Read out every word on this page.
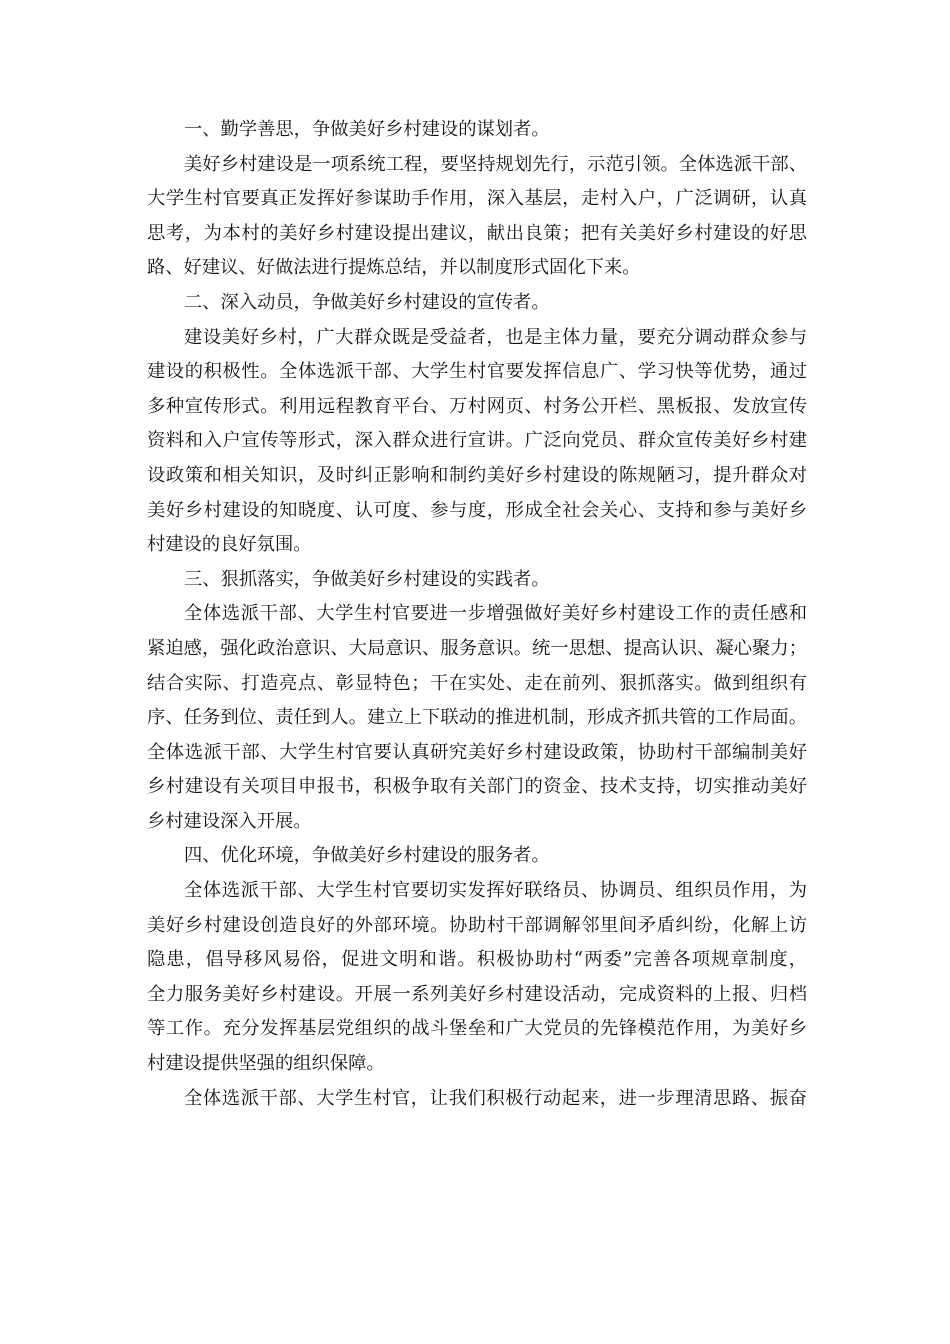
一、勤学善思，争做美好乡村建设的谋划者。
美好乡村建设是一项系统工程，要坚持规划先行，示范引领。全体选派干部、
大学生村官要真正发挥好参谋助手作用，深入基层，走村入户，广泛调研，认真
思考，为本村的美好乡村建设提出建议，献出良策；把有关美好乡村建设的好思
路、好建议、好做法进行提炼总结，并以制度形式固化下来。
二、深入动员，争做美好乡村建设的宣传者。
建设美好乡村，广大群众既是受益者，也是主体力量，要充分调动群众参与
建设的积极性。全体选派干部、大学生村官要发挥信息广、学习快等优势，通过
多种宣传形式。利用远程教育平台、万村网页、村务公开栏、黑板报、发放宣传
资料和入户宣传等形式，深入群众进行宣讲。广泛向党员、群众宣传美好乡村建
设政策和相关知识，及时纠正影响和制约美好乡村建设的陈规陋习，提升群众对
美好乡村建设的知晓度、认可度、参与度，形成全社会关心、支持和参与美好乡
村建设的良好氛围。
三、狠抓落实，争做美好乡村建设的实践者。
全体选派干部、大学生村官要进一步增强做好美好乡村建设工作的责任感和
紧迫感，强化政治意识、大局意识、服务意识。统一思想、提高认识、凝心聚力；
结合实际、打造亮点、彰显特色；干在实处、走在前列、狠抓落实。做到组织有
序、任务到位、责任到人。建立上下联动的推进机制，形成齐抓共管的工作局面。
全体选派干部、大学生村官要认真研究美好乡村建设政策，协助村干部编制美好
乡村建设有关项目申报书，积极争取有关部门的资金、技术支持，切实推动美好
乡村建设深入开展。
四、优化环境，争做美好乡村建设的服务者。
全体选派干部、大学生村官要切实发挥好联络员、协调员、组织员作用，为
美好乡村建设创造良好的外部环境。协助村干部调解邻里间矛盾纠纷，化解上访
隐患，倡导移风易俗，促进文明和谐。积极协助村“两委”完善各项规章制度，
全力服务美好乡村建设。开展一系列美好乡村建设活动，完成资料的上报、归档
等工作。充分发挥基层党组织的战斗堡垒和广大党员的先锋模范作用，为美好乡
村建设提供坚强的组织保障。
全体选派干部、大学生村官，让我们积极行动起来，进一步理清思路、振奋
